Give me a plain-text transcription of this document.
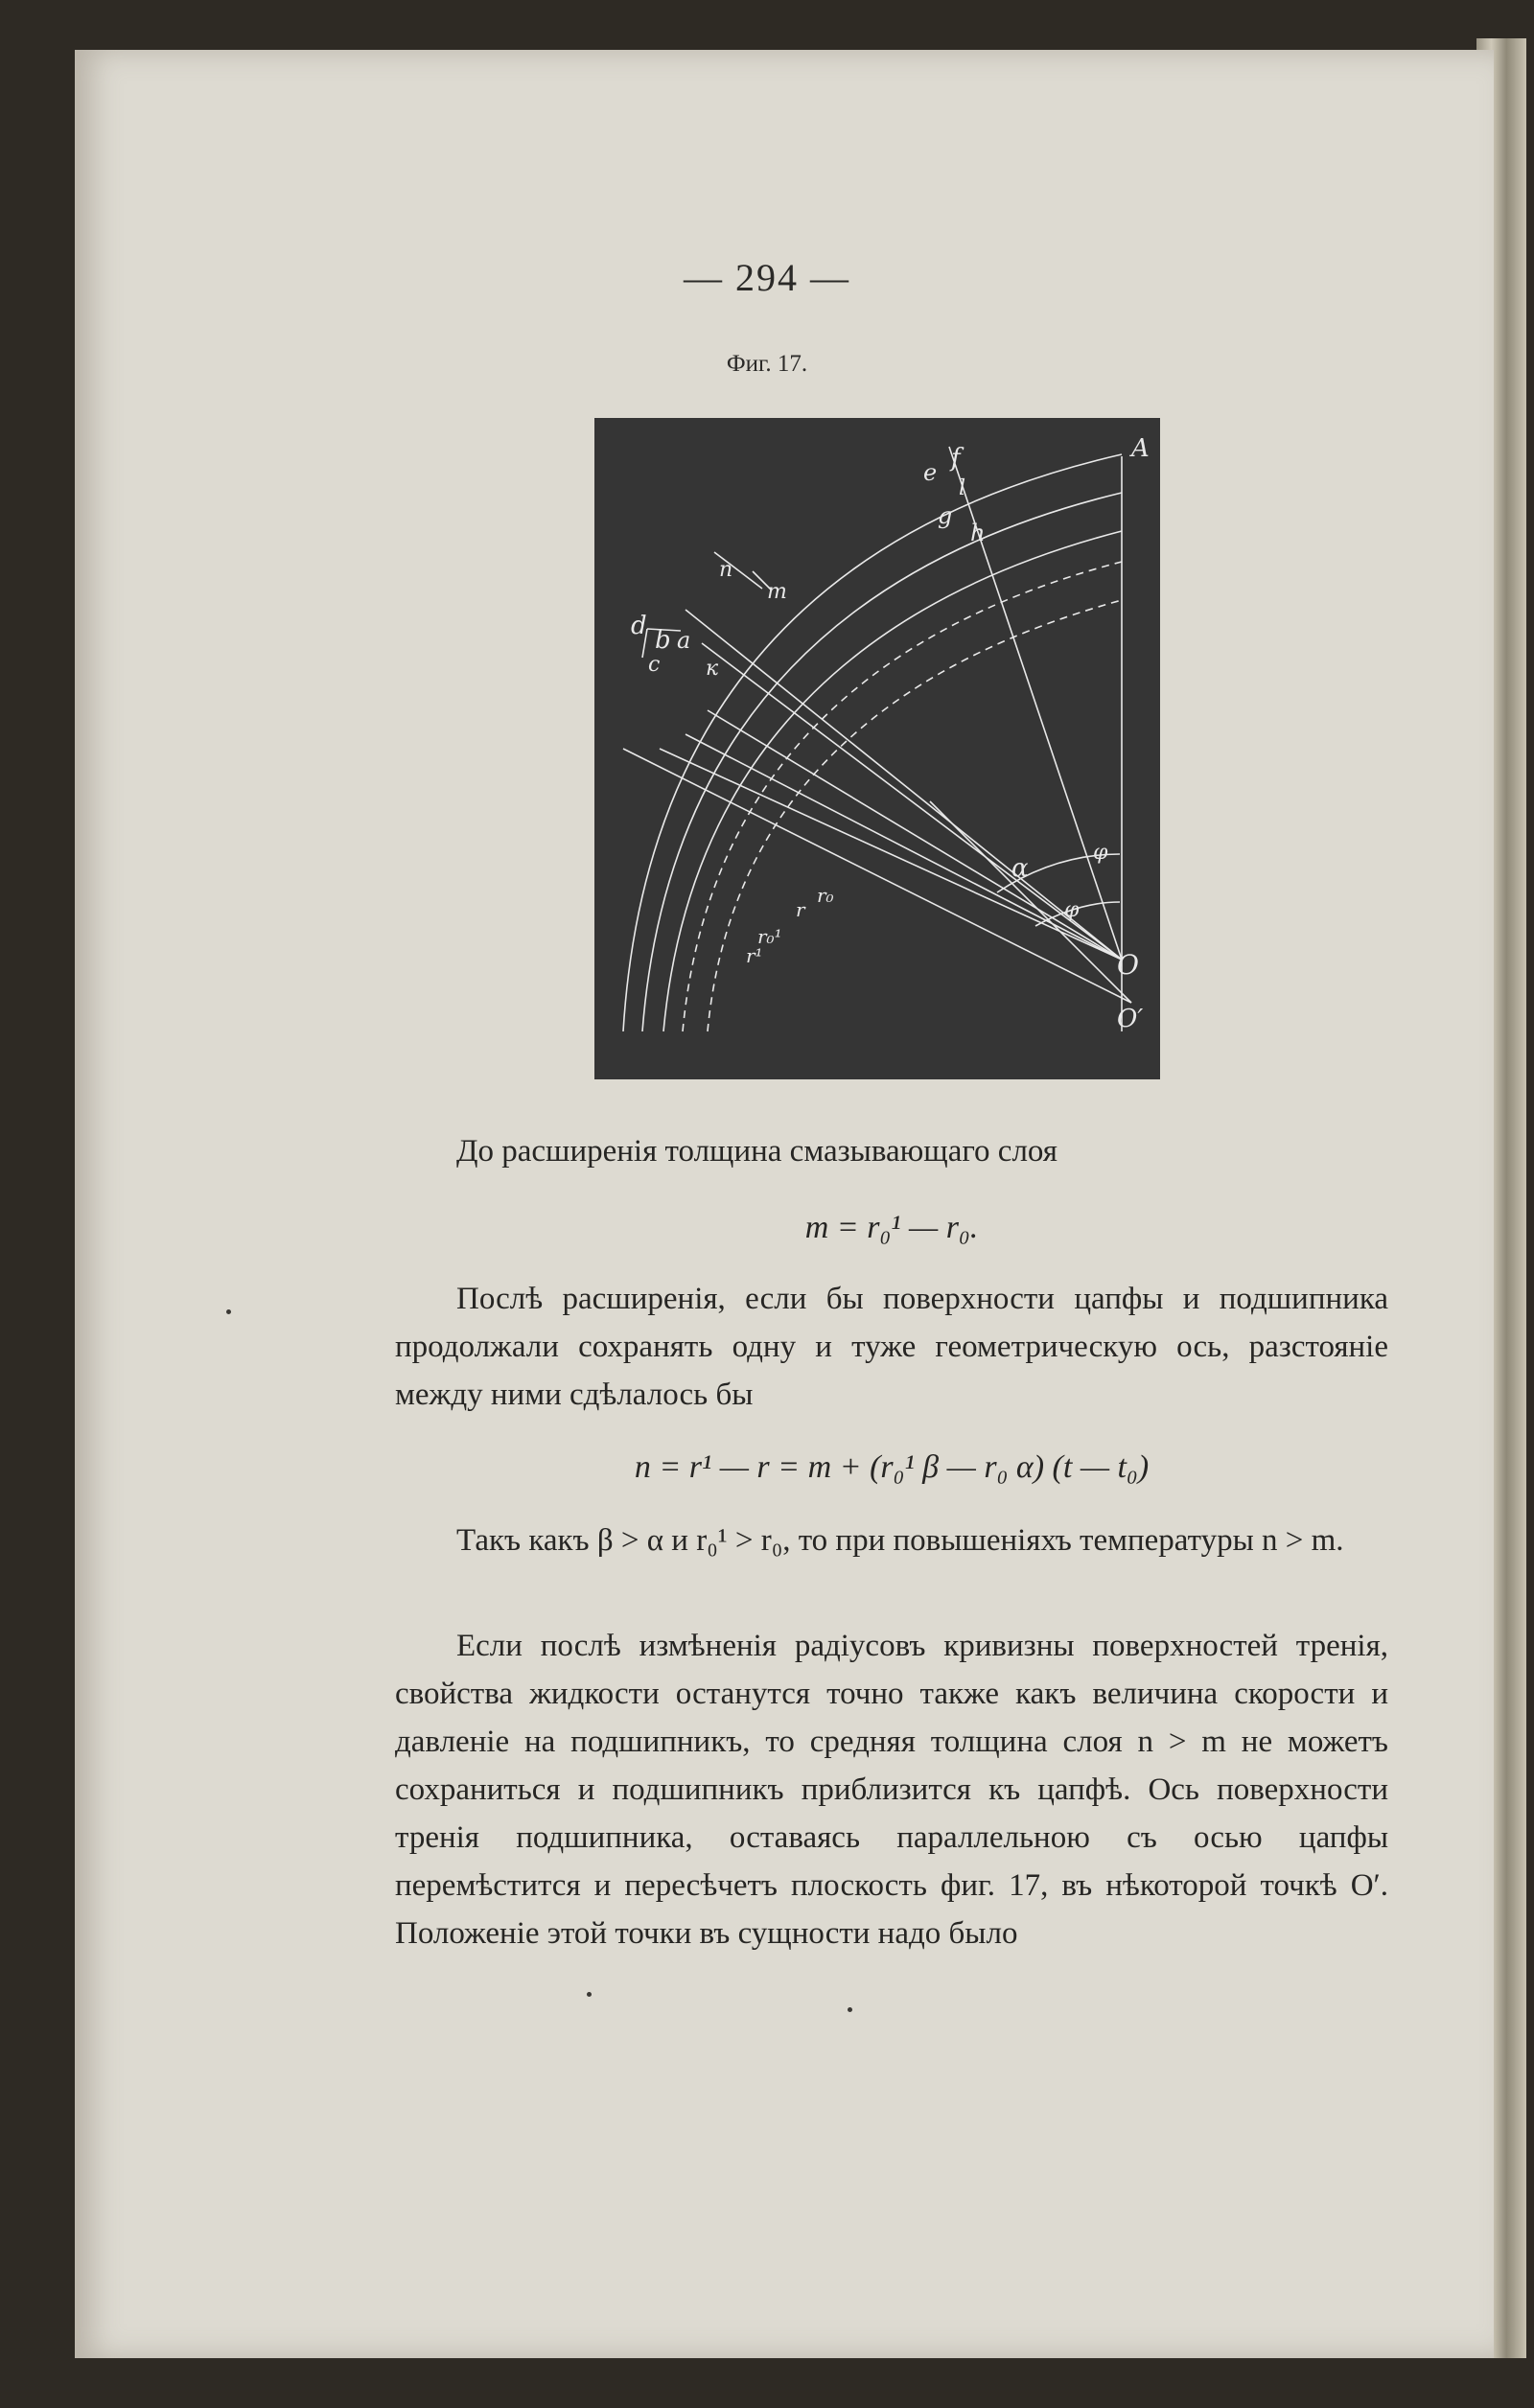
— 294 —
Фиг. 17.
A
f
e
l
g
h
n
m
d b a
к
c
α
φ
φ
O
O′
r₀
r
r¹
r₀¹
До расширенія толщина смазывающаго слоя
m = r₀¹ — r₀.
Послѣ расширенія, если бы поверхности цапфы и подшипника продолжали сохранять одну и туже геометрическую ось, разстояніе между ними сдѣлалось бы
n = r¹ — r = m + (r₀¹ β — r₀ α) (t — t₀)
Такъ какъ β > α и r₀¹ > r₀, то при повышеніяхъ температуры n > m.
Если послѣ измѣненія радіусовъ кривизны поверхностей тренія, свойства жидкости останутся точно также какъ величина скорости и давленіе на подшипникъ, то средняя толщина слоя n > m не можетъ сохраниться и подшипникъ приблизится къ цапфѣ. Ось поверхности тренія подшипника, оставаясь параллельною съ осью цапфы перемѣстится и пересѣчетъ плоскость фиг. 17, въ нѣкоторой точкѣ O′. Положеніе этой точки въ сущности надо было
